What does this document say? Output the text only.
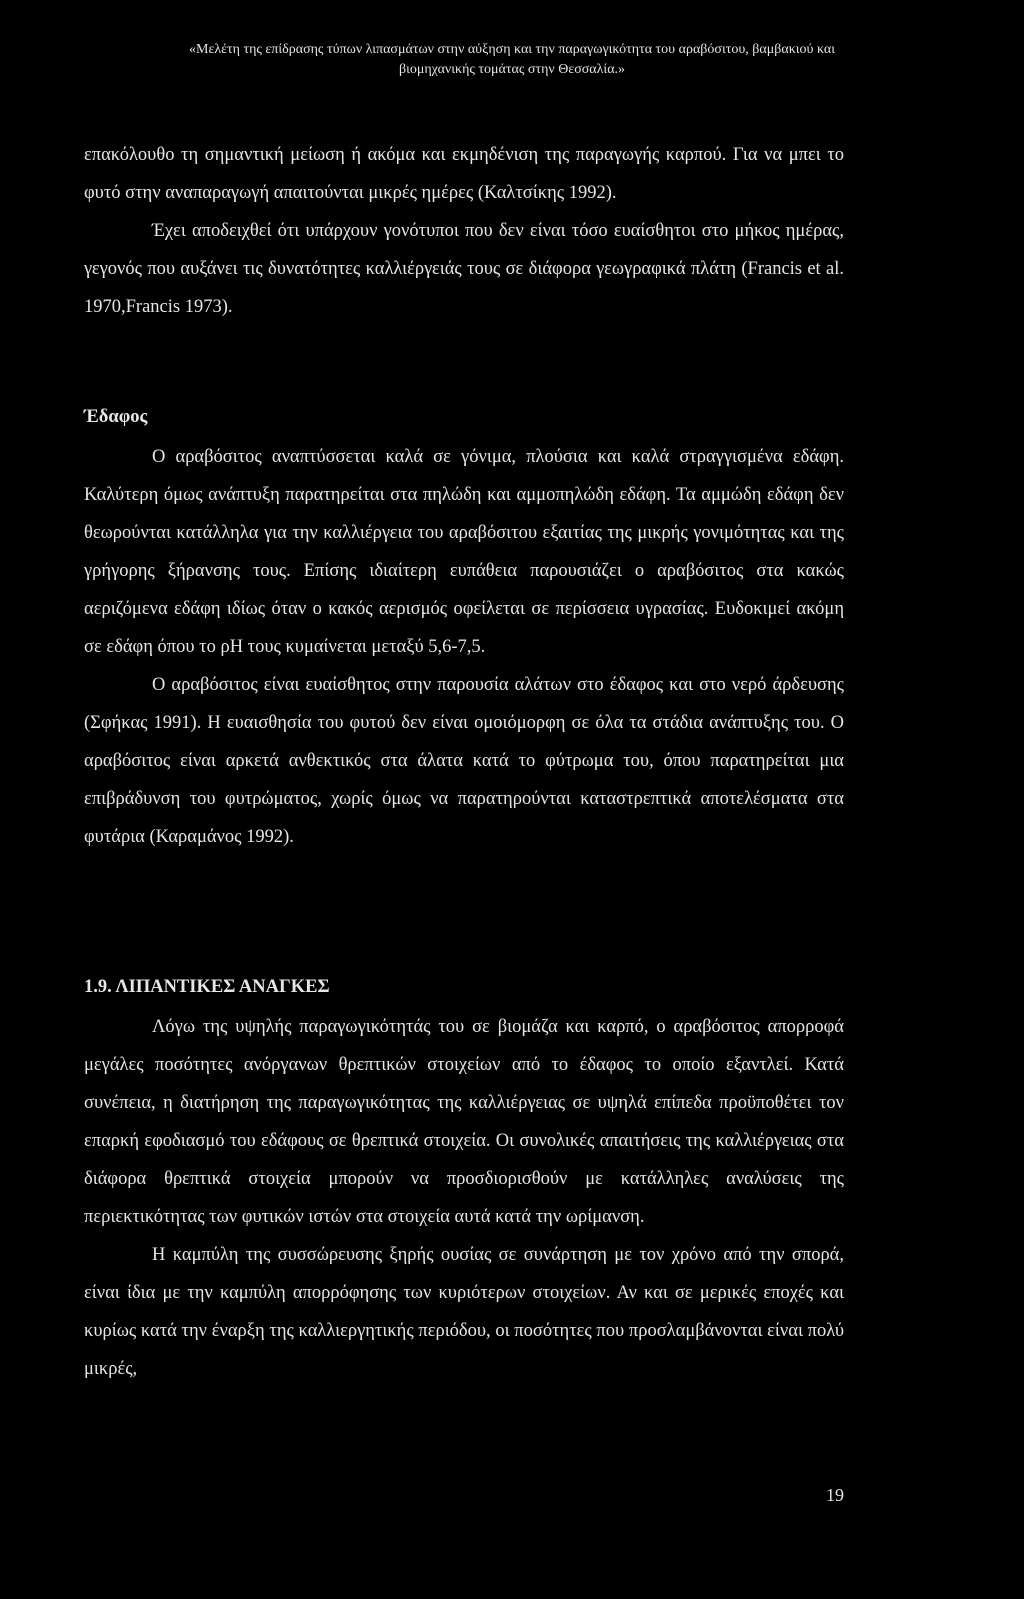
«Μελέτη της επίδρασης τύπων λιπασμάτων στην αύξηση και την παραγωγικότητα του αραβόσιτου, βαμβακιού και
βιομηχανικής τομάτας στην Θεσσαλία.»

επακόλουθο τη σημαντική μείωση ή ακόμα και εκμηδένιση της παραγωγής καρπού. Για να μπει το φυτό στην αναπαραγωγή απαιτούνται μικρές ημέρες (Καλτσίκης 1992).

Έχει αποδειχθεί ότι υπάρχουν γονότυποι που δεν είναι τόσο ευαίσθητοι στο μήκος ημέρας, γεγονός που αυξάνει τις δυνατότητες καλλιέργειάς τους σε διάφορα γεωγραφικά πλάτη (Francis et al. 1970,Francis 1973).

Έδαφος

Ο αραβόσιτος αναπτύσσεται καλά σε γόνιμα, πλούσια και καλά στραγγισμένα εδάφη. Καλύτερη όμως ανάπτυξη παρατηρείται στα πηλώδη και αμμοπηλώδη εδάφη. Τα αμμώδη εδάφη δεν θεωρούνται κατάλληλα για την καλλιέργεια του αραβόσιτου εξαιτίας της μικρής γονιμότητας και της γρήγορης ξήρανσης τους. Επίσης ιδιαίτερη ευπάθεια παρουσιάζει ο αραβόσιτος στα κακώς αεριζόμενα εδάφη ιδίως όταν ο κακός αερισμός οφείλεται σε περίσσεια υγρασίας. Ευδοκιμεί ακόμη σε εδάφη όπου το ρΗ τους κυμαίνεται μεταξύ 5,6-7,5.

Ο αραβόσιτος είναι ευαίσθητος στην παρουσία αλάτων στο έδαφος και στο νερό άρδευσης (Σφήκας 1991). Η ευαισθησία του φυτού δεν είναι ομοιόμορφη σε όλα τα στάδια ανάπτυξης του. Ο αραβόσιτος είναι αρκετά ανθεκτικός στα άλατα κατά το φύτρωμα του, όπου παρατηρείται μια επιβράδυνση του φυτρώματος, χωρίς όμως να παρατηρούνται καταστρεπτικά αποτελέσματα στα φυτάρια (Καραμάνος 1992).

1.9. ΛΙΠΑΝΤΙΚΕΣ ΑΝΑΓΚΕΣ

Λόγω της υψηλής παραγωγικότητάς του σε βιομάζα και καρπό, ο αραβόσιτος απορροφά μεγάλες ποσότητες ανόργανων θρεπτικών στοιχείων από το έδαφος το οποίο εξαντλεί. Κατά συνέπεια, η διατήρηση της παραγωγικότητας της καλλιέργειας σε υψηλά επίπεδα προϋποθέτει τον επαρκή εφοδιασμό του εδάφους σε θρεπτικά στοιχεία. Οι συνολικές απαιτήσεις της καλλιέργειας στα διάφορα θρεπτικά στοιχεία μπορούν να προσδιορισθούν με κατάλληλες αναλύσεις της περιεκτικότητας των φυτικών ιστών στα στοιχεία αυτά κατά την ωρίμανση.

Η καμπύλη της συσσώρευσης ξηρής ουσίας σε συνάρτηση με τον χρόνο από την σπορά, είναι ίδια με την καμπύλη απορρόφησης των κυριότερων στοιχείων. Αν και σε μερικές εποχές και κυρίως κατά την έναρξη της καλλιεργητικής περιόδου, οι ποσότητες που προσλαμβάνονται είναι πολύ μικρές,

19
